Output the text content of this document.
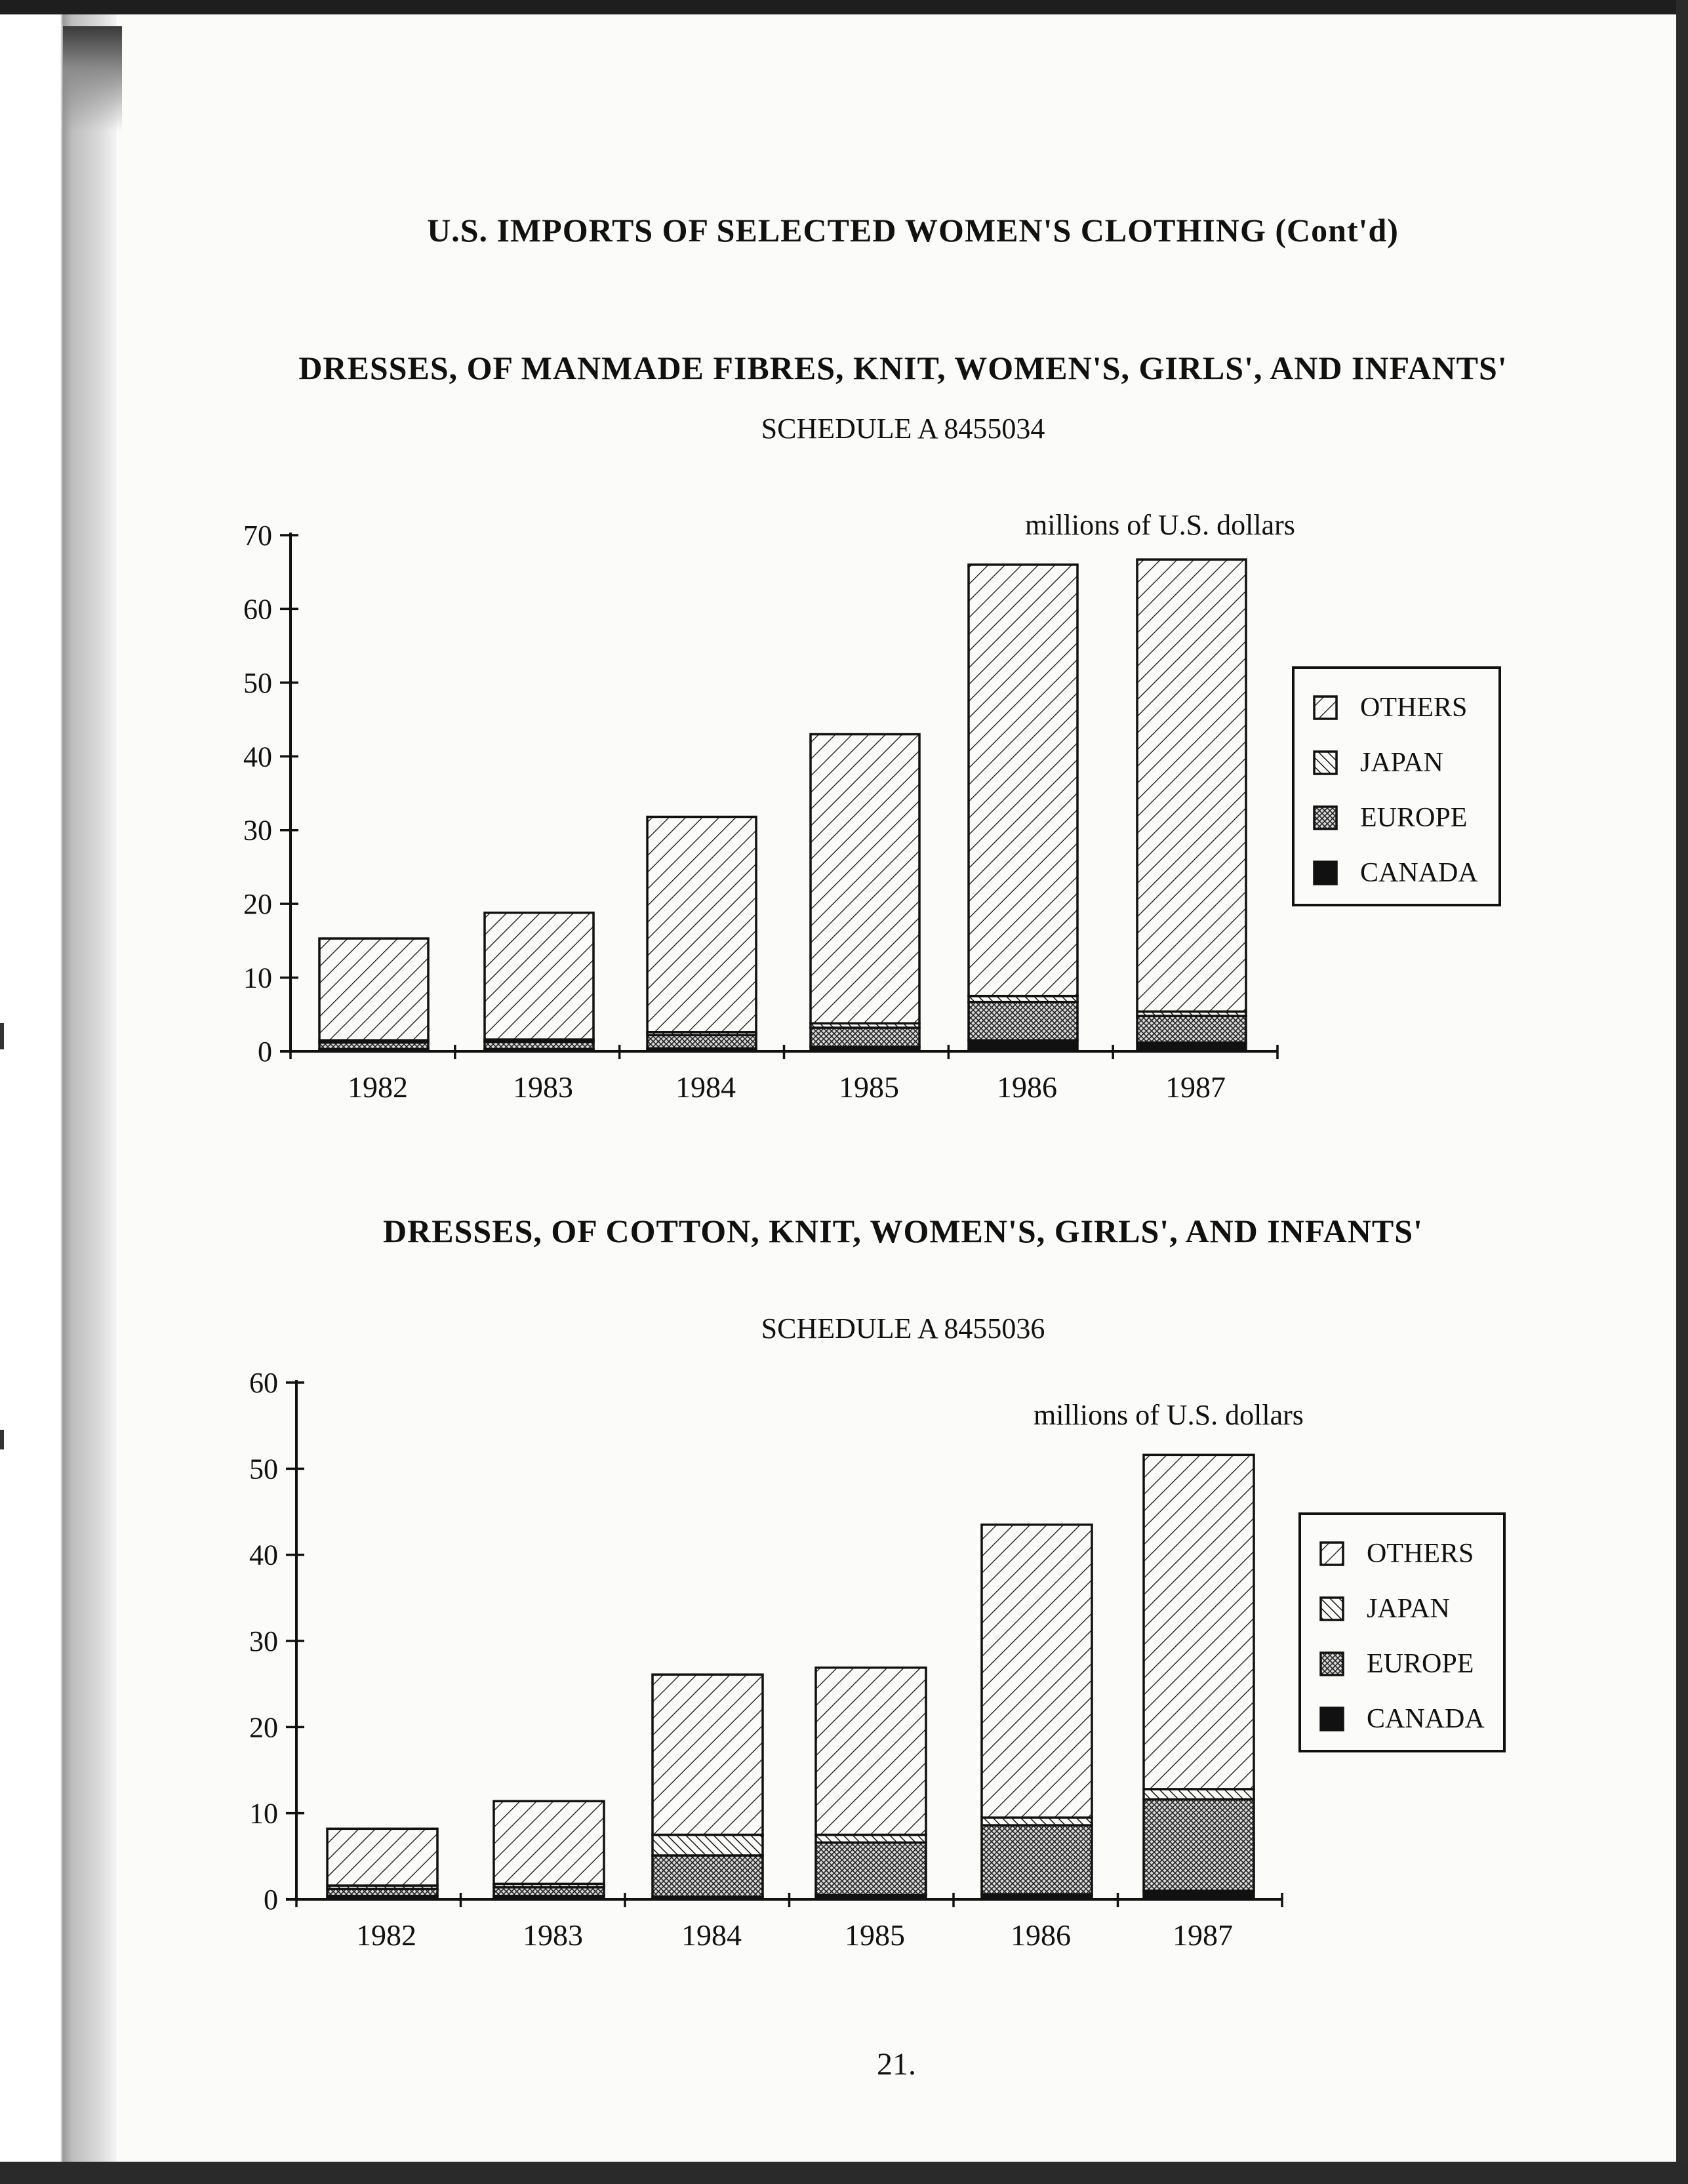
U.S. IMPORTS OF SELECTED WOMEN'S CLOTHING (Cont'd)
DRESSES, OF MANMADE FIBRES, KNIT, WOMEN'S, GIRLS', AND INFANTS'
SCHEDULE A 8455034
DRESSES, OF COTTON, KNIT, WOMEN'S, GIRLS', AND INFANTS'
SCHEDULE A 8455036
0
10
20
30
40
50
60
70
1982	1983	1984	1985	1986	1987
millions of U.S. dollars
OTHERS
JAPAN
EUROPE
CANADA
0
10
20
30
40
50
60
1982	1983	1984	1985	1986	1987
millions of U.S. dollars
OTHERS
JAPAN
EUROPE
CANADA
21.
